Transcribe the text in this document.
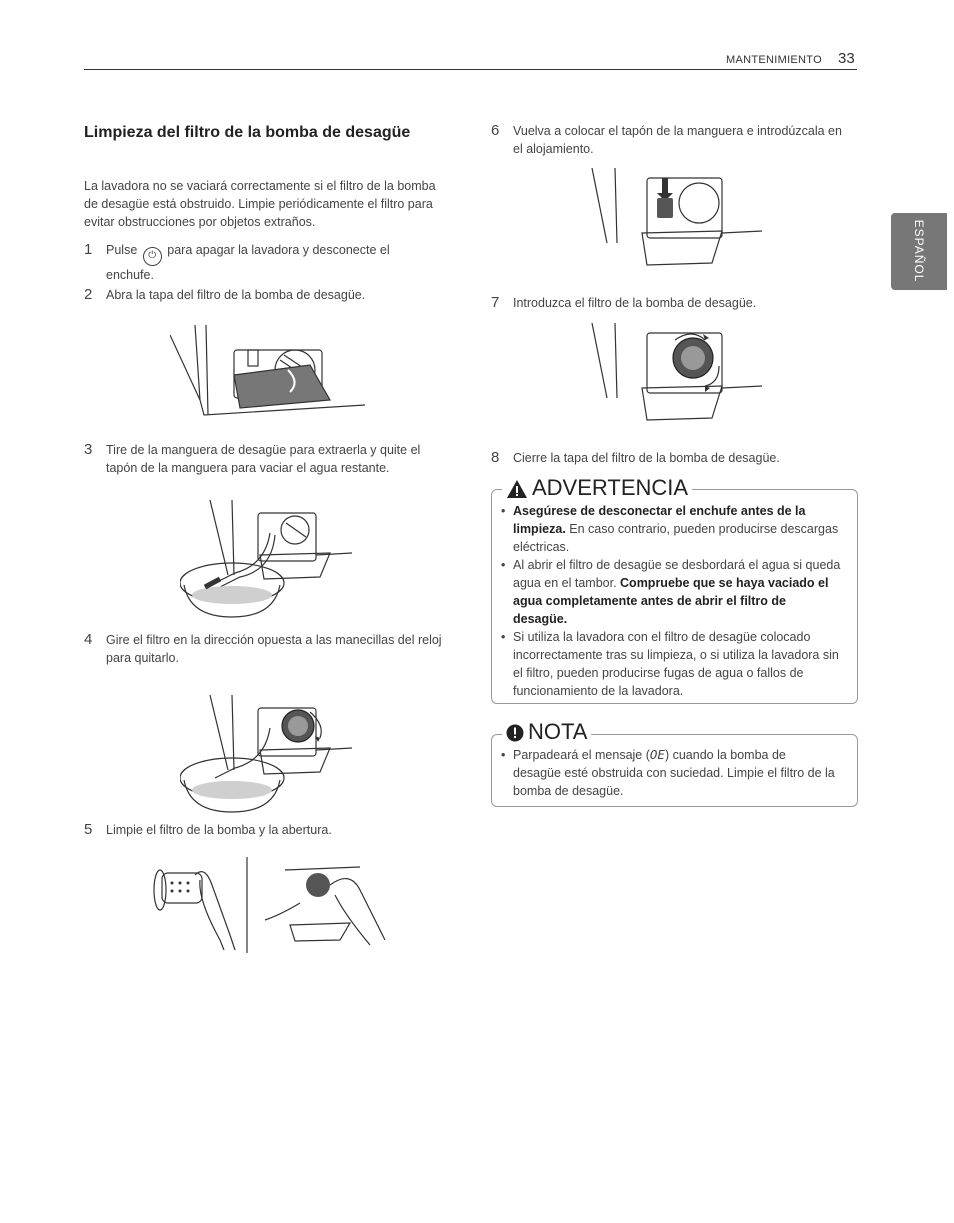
MANTENIMIENTO 33
ESPAÑOL
Limpieza del filtro de la bomba de desagüe
La lavadora no se vaciará correctamente si el filtro de la bomba de desagüe está obstruido. Limpie periódicamente el filtro para evitar obstrucciones por objetos extraños.
1 Pulse ⏻ para apagar la lavadora y desconecte el enchufe.
2 Abra la tapa del filtro de la bomba de desagüe.
3 Tire de la manguera de desagüe para extraerla y quite el tapón de la manguera para vaciar el agua restante.
4 Gire el filtro en la dirección opuesta a las manecillas del reloj para quitarlo.
5 Limpie el filtro de la bomba y la abertura.
6 Vuelva a colocar el tapón de la manguera e introdúzcala en el alojamiento.
7 Introduzca el filtro de la bomba de desagüe.
8 Cierre la tapa del filtro de la bomba de desagüe.
ADVERTENCIA
• Asegúrese de desconectar el enchufe antes de la limpieza. En caso contrario, pueden producirse descargas eléctricas.
• Al abrir el filtro de desagüe se desbordará el agua si queda agua en el tambor. Compruebe que se haya vaciado el agua completamente antes de abrir el filtro de desagüe.
• Si utiliza la lavadora con el filtro de desagüe colocado incorrectamente tras su limpieza, o si utiliza la lavadora sin el filtro, pueden producirse fugas de agua o fallos de funcionamiento de la lavadora.
NOTA
• Parpadeará el mensaje (OE) cuando la bomba de desagüe esté obstruida con suciedad. Limpie el filtro de la bomba de desagüe.
